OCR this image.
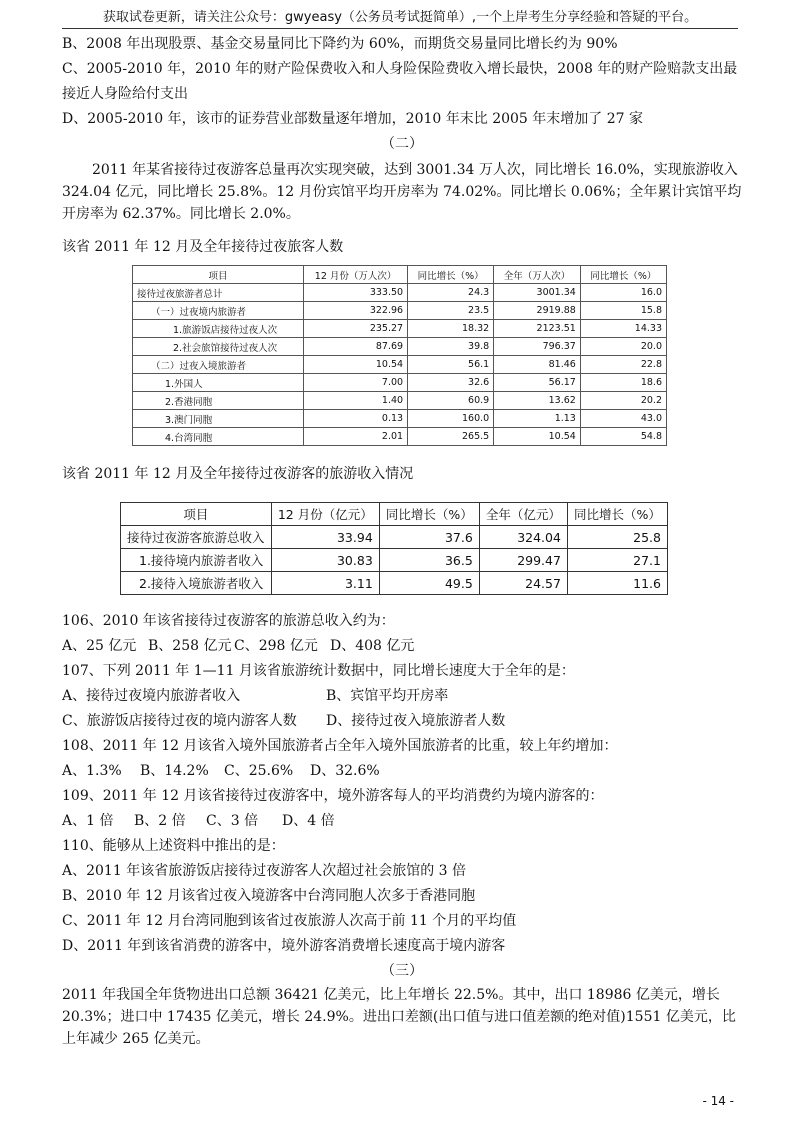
获取试卷更新，请关注公众号：gwyeasy（公务员考试挺简单）,一个上岸考生分享经验和答疑的平台。

B、2008 年出现股票、基金交易量同比下降约为 60%，而期货交易量同比增长约为 90%

C、2005-2010 年，2010 年的财产险保费收入和人身险保险费收入增长最快，2008 年的财产险赔款支出最接近人身险给付支出

D、2005-2010 年，该市的证券营业部数量逐年增加，2010 年末比 2005 年末增加了 27 家

（二）

2011 年某省接待过夜游客总量再次实现突破，达到 3001.34 万人次，同比增长 16.0%，实现旅游收入 324.04 亿元，同比增长 25.8%。12 月份宾馆平均开房率为 74.02%。同比增长 0.06%；全年累计宾馆平均开房率为 62.37%。同比增长 2.0%。

该省 2011 年 12 月及全年接待过夜旅客人数

项目	12 月份（万人次）	同比增长（%）	全年（万人次）	同比增长（%）
接待过夜旅游者总计	333.50	24.3	3001.34	16.0
（一）过夜境内旅游者	322.96	23.5	2919.88	15.8
1.旅游饭店接待过夜人次	235.27	18.32	2123.51	14.33
2.社会旅馆接待过夜人次	87.69	39.8	796.37	20.0
（二）过夜入境旅游者	10.54	56.1	81.46	22.8
1.外国人	7.00	32.6	56.17	18.6
2.香港同胞	1.40	60.9	13.62	20.2
3.澳门同胞	0.13	160.0	1.13	43.0
4.台湾同胞	2.01	265.5	10.54	54.8

该省 2011 年 12 月及全年接待过夜游客的旅游收入情况

项目	12 月份（亿元）	同比增长（%）	全年（亿元）	同比增长（%）
接待过夜游客旅游总收入	33.94	37.6	324.04	25.8
1.接待境内旅游者收入	30.83	36.5	299.47	27.1
2.接待入境旅游者收入	3.11	49.5	24.57	11.6

106、2010 年该省接待过夜游客的旅游总收入约为：

A、25 亿元 B、258 亿元 C、298 亿元 D、408 亿元

107、下列 2011 年 1—11 月该省旅游统计数据中，同比增长速度大于全年的是：

A、接待过夜境内旅游者收入	B、宾馆平均开房率

C、旅游饭店接待过夜的境内游客人数 D、接待过夜入境旅游者人数

108、2011 年 12 月该省入境外国旅游者占全年入境外国旅游者的比重，较上年约增加：

A、1.3% B、14.2% C、25.6% D、32.6%

109、2011 年 12 月该省接待过夜游客中，境外游客每人的平均消费约为境内游客的：

A、1 倍 B、2 倍 C、3 倍 D、4 倍

110、能够从上述资料中推出的是：

A、2011 年该省旅游饭店接待过夜游客人次超过社会旅馆的 3 倍

B、2010 年 12 月该省过夜入境游客中台湾同胞人次多于香港同胞

C、2011 年 12 月台湾同胞到该省过夜旅游人次高于前 11 个月的平均值

D、2011 年到该省消费的游客中，境外游客消费增长速度高于境内游客

（三）

2011 年我国全年货物进出口总额 36421 亿美元，比上年增长 22.5%。其中，出口 18986 亿美元，增长 20.3%；进口中 17435 亿美元，增长 24.9%。进出口差额(出口值与进口值差额的绝对值)1551 亿美元，比上年减少 265 亿美元。

- 14 -
